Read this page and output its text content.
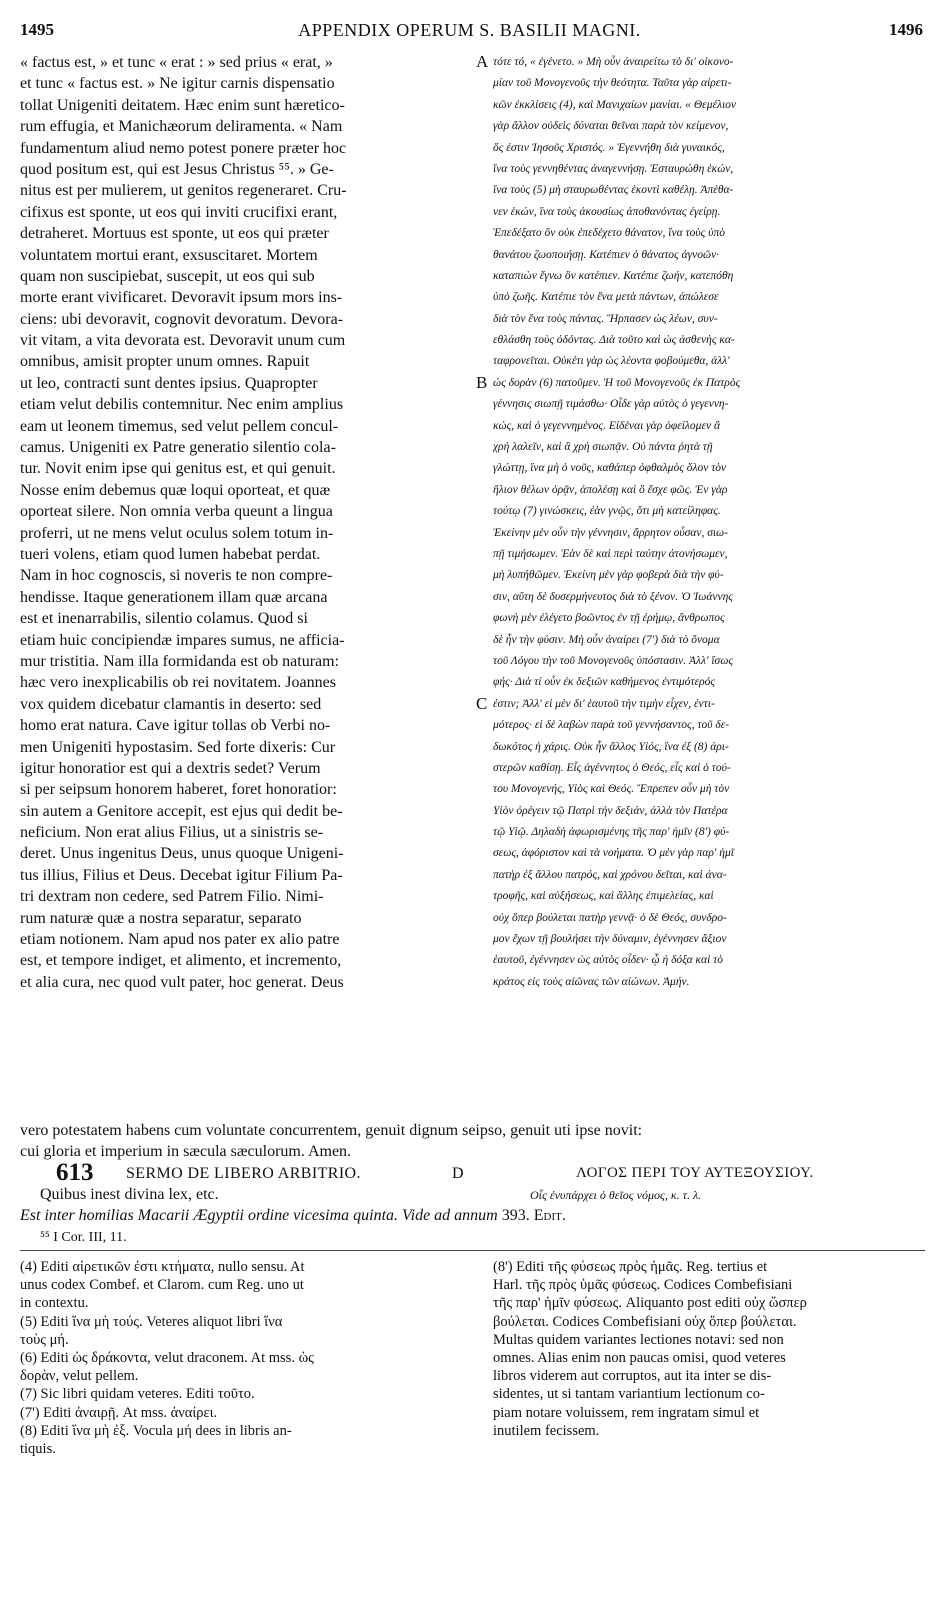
1495	APPENDIX OPERUM S. BASILII MAGNI.	1496
« factus est, » et tunc « erat : » sed prius « erat, »
et tunc « factus est. » Ne igitur carnis dispensatio
tollat Unigeniti deitatem. Hæc enim sunt hæretico-
rum effugia, et Manichæorum deliramenta. « Nam
fundamentum aliud nemo potest ponere præter hoc
quod positum est, qui est Jesus Christus ⁵⁵. » Ge-
nitus est per mulierem, ut genitos regeneraret. Cru-
cifixus est sponte, ut eos qui inviti crucifixi erant,
detraheret. Mortuus est sponte, ut eos qui præter
voluntatem mortui erant, exsuscitaret. Mortem
quam non suscipiebat, suscepit, ut eos qui sub
morte erant vivificaret. Devoravit ipsum mors ins-
ciens: ubi devoravit, cognovit devoratum. Devora-
vit vitam, a vita devorata est. Devoravit unum cum
omnibus, amisit propter unum omnes. Rapuit
ut leo, contracti sunt dentes ipsius. Quapropter
etiam velut debilis contemnitur. Nec enim amplius
eam ut leonem timemus, sed velut pellem concul-
camus. Unigeniti ex Patre generatio silentio cola-
tur. Novit enim ipse qui genitus est, et qui genuit.
Nosse enim debemus quæ loqui oporteat, et quæ
oporteat silere. Non omnia verba queunt a lingua
proferri, ut ne mens velut oculus solem totum in-
tueri volens, etiam quod lumen habebat perdat.
Nam in hoc cognoscis, si noveris te non compre-
hendisse. Itaque generationem illam quæ arcana
est et inenarrabilis, silentio colamus. Quod si
etiam huic concipiendæ impares sumus, ne afficia-
mur tristitia. Nam illa formidanda est ob naturam:
hæc vero inexplicabilis ob rei novitatem. Joannes
vox quidem dicebatur clamantis in deserto: sed
homo erat natura. Cave igitur tollas ob Verbi no-
men Unigeniti hypostasim. Sed forte dixeris: Cur
igitur honoratior est qui a dextris sedet? Verum
si per seipsum honorem haberet, foret honoratior:
sin autem a Genitore accepit, est ejus qui dedit be-
neficium. Non erat alius Filius, ut a sinistris se-
deret. Unus ingenitus Deus, unus quoque Unigeni-
tus illius, Filius et Deus. Decebat igitur Filium Pa-
tri dextram non cedere, sed Patrem Filio. Nimi-
rum naturæ quæ a nostra separatur, separato
etiam notionem. Nam apud nos pater ex alio patre
est, et tempore indiget, et alimento, et incremento,
et alia cura, nec quod vult pater, hoc generat. Deus
τότε τό, « ἐγένετο. » Μὴ οὖν ἀναιρείτω τὸ δι' οἰκονο-
μίαν τοῦ Μονογενοῦς τὴν θεότητα. Ταῦτα γὰρ αἱρετι-
κῶν ἐκκλίσεις (4), καὶ Μανιχαίων μανίαι. « Θεμέλιον
γὰρ ἄλλον οὐδεὶς δύναται θεῖναι παρὰ τὸν κείμενον,
ὅς ἐστιν Ἰησοῦς Χριστός. » Ἐγεννήθη διὰ γυναικός,
ἵνα τοὺς γεννηθέντας ἀναγεννήσῃ. Ἐσταυρώθη ἑκών,
ἵνα τοὺς (5) μὴ σταυρωθέντας ἑκοντὶ καθέλῃ. Ἀπέθα-
νεν ἑκών, ἵνα τοὺς ἀκουσίως ἀποθανόντας ἐγείρῃ.
Ἐπεδέξατο ὃν οὐκ ἐπεδέχετο θάνατον, ἵνα τοὺς ὑπὸ
θανάτου ζωοποιήσῃ. Κατέπιεν ὁ θάνατος ἀγνοῶν·
καταπιὼν ἔγνω ὃν κατέπιεν. Κατέπιε ζωήν, κατεπόθη
ὑπὸ ζωῆς. Κατέπιε τὸν ἕνα μετὰ πάντων, ἀπώλεσε
διὰ τὸν ἕνα τοὺς πάντας. Ἥρπασεν ὡς λέων, συν-
εθλάσθη τοὺς ὀδόντας. Διὰ τοῦτο καὶ ὡς ἀσθενὴς κα-
ταφρονεῖται. Οὐκέτι γὰρ ὡς λέοντα φοβούμεθα, ἀλλ'
ὡς δορὰν (6) πατοῦμεν. Ἡ τοῦ Μονογενοῦς ἐκ Πατρὸς
γέννησις σιωπῇ τιμάσθω· Οἶδε γὰρ αὐτὸς ὁ γεγεννη-
κώς, καὶ ὁ γεγεννημένος. Εἰδέναι γὰρ ὀφείλομεν ἃ
χρὴ λαλεῖν, καὶ ἃ χρὴ σιωπᾷν. Οὐ πάντα ῥητὰ τῇ
γλώττῃ, ἵνα μὴ ὁ νοῦς, καθάπερ ὀφθαλμὸς ὅλον τὸν
ἥλιον θέλων ὁρᾷν, ἀπολέσῃ καὶ ὃ ἔσχε φῶς. Ἐν γὰρ
τούτῳ (7) γινώσκεις, ἐὰν γνῷς, ὅτι μὴ κατείληφας.
Ἐκείνην μὲν οὖν τὴν γέννησιν, ἄρρητον οὖσαν, σιω-
πῇ τιμήσωμεν. Ἐὰν δὲ καὶ περὶ ταύτην ἀτονήσωμεν,
μὴ λυπήθῶμεν. Ἐκείνη μὲν γὰρ φοβερὰ διὰ τὴν φύ-
σιν, αὕτη δὲ δυσερμήνευτος διὰ τὸ ξένον. Ὁ Ἰωάννης
φωνὴ μὲν ἐλέγετο βοῶντος ἐν τῇ ἐρήμῳ, ἄνθρωπος
δὲ ἦν τὴν φύσιν. Μὴ οὖν ἀναίρει (7') διὰ τὸ ὄνομα
τοῦ Λόγου τὴν τοῦ Μονογενοῦς ὑπόστασιν. Ἀλλ' ἴσως
φής· Διὰ τί οὖν ἐκ δεξιῶν καθήμενος ἐντιμότερός
ἐστιν; Ἀλλ' εἰ μὲν δι' ἑαυτοῦ τὴν τιμὴν εἶχεν, ἐντι-
μότερος· εἰ δὲ λαβὼν παρὰ τοῦ γεννήσαντος, τοῦ δε-
δωκότος ἡ χάρις. Οὐκ ἦν ἄλλος Υἱός, ἵνα ἐξ (8) ἀρι-
στερῶν καθίσῃ. Εἷς ἀγέννητος ὁ Θεός, εἷς καὶ ὁ τού-
του Μονογενής, Υἱὸς καὶ Θεός. Ἔπρεπεν οὖν μὴ τὸν
Υἱὸν ὀρέγειν τῷ Πατρὶ τὴν δεξιάν, ἀλλὰ τὸν Πατέρα
τῷ Υἱῷ. Δηλαδὴ ἀφωρισμένης τῆς παρ' ἡμῖν (8') φύ-
σεως, ἀφόριστον καὶ τὰ νοήματα. Ὁ μὲν γὰρ παρ' ἡμῖ
πατὴρ ἐξ ἄλλου πατρός, καὶ χρόνου δεῖται, καὶ ἀνα-
τροφῆς, καὶ αὐξήσεως, καὶ ἄλλης ἐπιμελείας, καὶ
οὐχ ὅπερ βούλεται πατὴρ γεννᾷ· ὁ δὲ Θεός, συνδρο-
μον ἔχων τῇ βουλήσει τὴν δύναμιν, ἐγέννησεν ἄξιον
ἑαυτοῦ, ἐγέννησεν ὡς αὐτὸς οἶδεν· ᾧ ἡ δόξα καὶ τὸ
κράτος εἰς τοὺς αἰῶνας τῶν αἰώνων. Ἀμήν.
A
B
C
vero potestatem habens cum voluntate concurrentem, genuit dignum seipso, genuit uti ipse novit:
cui gloria et imperium in sæcula sæculorum. Amen.
613 SERMO DE LIBERO ARBITRIO.	D	ΛΟΓΟΣ ΠΕΡΙ ΤΟΥ ΑΥΤΕΞΟΥΣΙΟΥ.
Quibus inest divina lex, etc.	Οἷς ἐνυπάρχει ὁ θεῖος νόμος, κ. τ. λ.
Est inter homilias Macarii Ægyptii ordine vicesima quinta. Vide ad annum 393. Edit.
⁵⁵ I Cor. III, 11.
(4) Editi αἱρετικῶν ἐστι κτήματα, nullo sensu. At
unus codex Combef. et Clarom. cum Reg. uno ut
in contextu.
(5) Editi ἵνα μὴ τούς. Veteres aliquot libri ἵνα
τοὺς μή.
(6) Editi ὡς δράκοντα, velut draconem. At mss. ὡς
δορὰν, velut pellem.
(7) Sic libri quidam veteres. Editi τοῦτο.
(7') Editi ἀναιρῇ. At mss. ἀναίρει.
(8) Editi ἵνα μὴ ἐξ. Vocula μή dees in libris an-
tiquis.
(8') Editi τῆς φύσεως πρὸς ἡμᾶς. Reg. tertius et
Harl. τῆς πρὸς ὑμᾶς φύσεως. Codices Combefisiani
τῆς παρ' ἡμῖν φύσεως. Aliquanto post editi οὐχ ὥσπερ
βούλεται. Codices Combefisiani οὐχ ὅπερ βούλεται.
Multas quidem variantes lectiones notavi: sed non
omnes. Alias enim non paucas omisi, quod veteres
libros viderem aut corruptos, aut ita inter se dis-
sidentes, ut si tantam variantium lectionum co-
piam notare voluissem, rem ingratam simul et
inutilem fecissem.
